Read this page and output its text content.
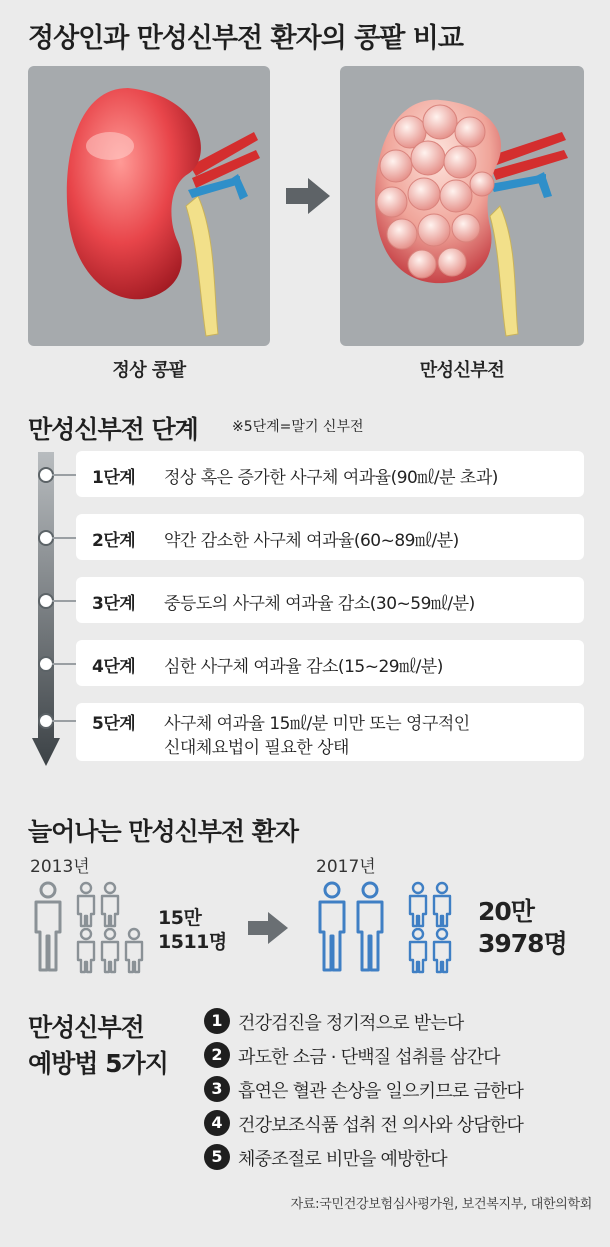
정상인과 만성신부전 환자의 콩팥 비교
정상 콩팥	만성신부전
만성신부전 단계 ※5단계=말기 신부전
1단계 정상 혹은 증가한 사구체 여과율(90㎖/분 초과)
2단계 약간 감소한 사구체 여과율(60~89㎖/분)
3단계 중등도의 사구체 여과율 감소(30~59㎖/분)
4단계 심한 사구체 여과율 감소(15~29㎖/분)
5단계 사구체 여과율 15㎖/분 미만 또는 영구적인
신대체요법이 필요한 상태
늘어나는 만성신부전 환자
2013년	2017년
15만
1511명
20만
3978명
만성신부전
예방법 5가지
1 건강검진을 정기적으로 받는다
2 과도한 소금 · 단백질 섭취를 삼간다
3 흡연은 혈관 손상을 일으키므로 금한다
4 건강보조식품 섭취 전 의사와 상담한다
5 체중조절로 비만을 예방한다
자료:국민건강보험심사평가원, 보건복지부, 대한의학회
